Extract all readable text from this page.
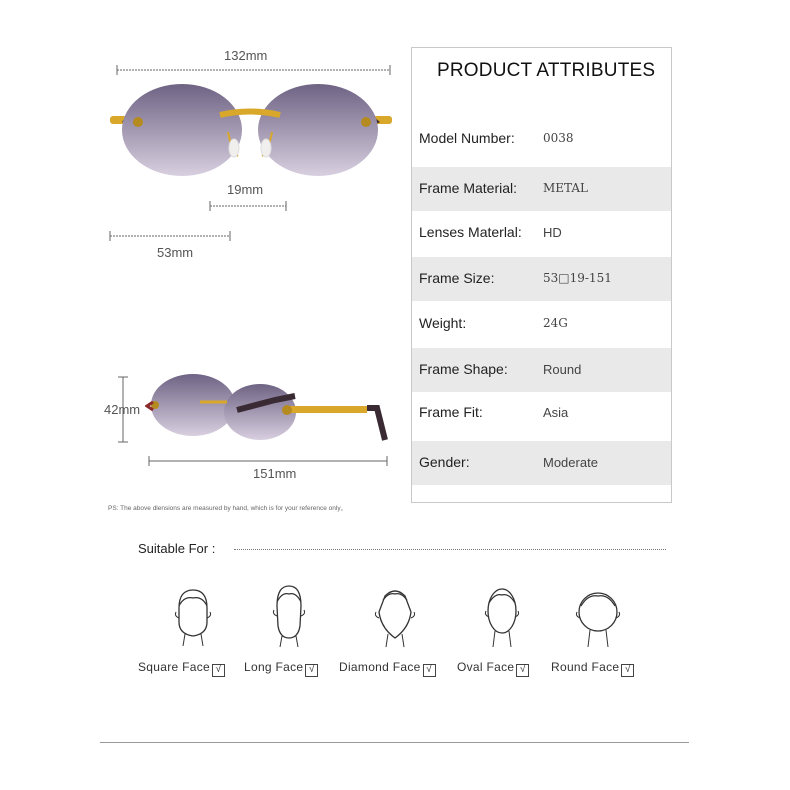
132mm
19mm
53mm
42mm
151mm
PRODUCT ATTRIBUTES
Model Number: 0038
Frame Material: METAL
Lenses Materlal: HD
Frame Size:	53□19-151
Weight:	24G
Frame Shape:	Round
Frame Fit:	Asia
Gender:	Moderate
PS: The above dlensions are measured by hand, which is for your reference only。
Suitable For :
Square Face √	Long Face √	Diamond Face √	Oval Face √	Round Face √
